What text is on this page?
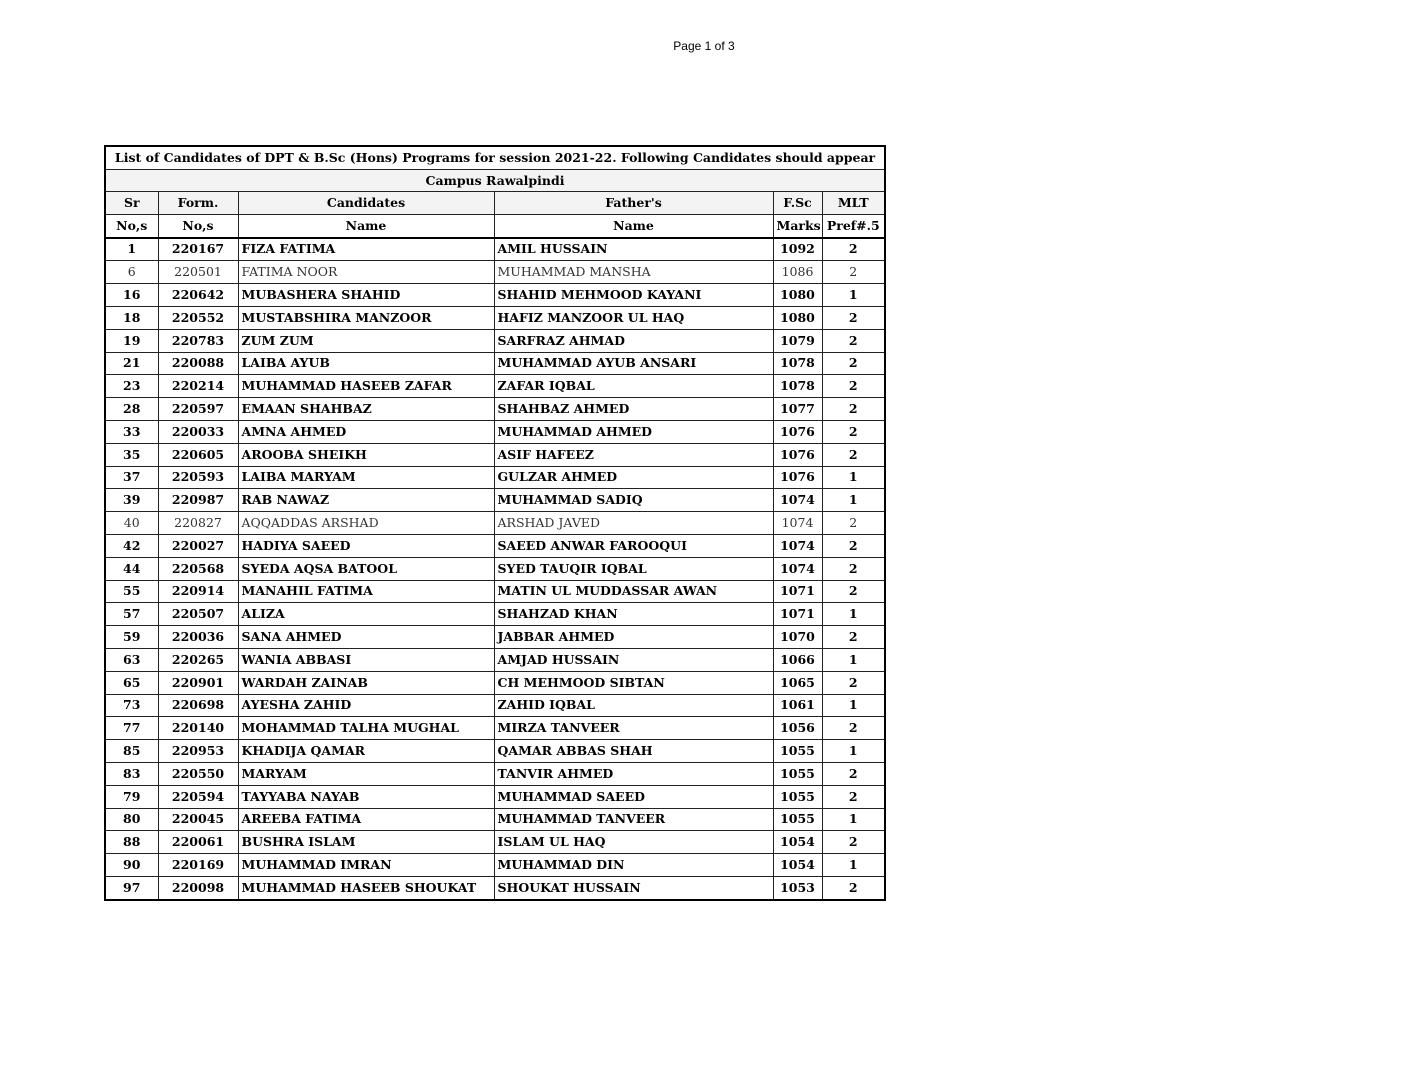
Page 1 of 3
List of Candidates of DPT & B.Sc (Hons) Programs for session 2021-22. Following Candidates should appear					
Campus Rawalpindi					
Sr	Form.	Candidates	Father's	F.Sc	MLT
No,s	No,s	Name	Name	Marks	Pref#.5
1	220167	FIZA FATIMA	AMIL HUSSAIN	1092	2
6	220501	FATIMA NOOR	MUHAMMAD MANSHA	1086	2
16	220642	MUBASHERA SHAHID	SHAHID MEHMOOD KAYANI	1080	1
18	220552	MUSTABSHIRA MANZOOR	HAFIZ MANZOOR UL HAQ	1080	2
19	220783	ZUM ZUM	SARFRAZ AHMAD	1079	2
21	220088	LAIBA AYUB	MUHAMMAD AYUB ANSARI	1078	2
23	220214	MUHAMMAD HASEEB ZAFAR	ZAFAR IQBAL	1078	2
28	220597	EMAAN SHAHBAZ	SHAHBAZ AHMED	1077	2
33	220033	AMNA AHMED	MUHAMMAD AHMED	1076	2
35	220605	AROOBA SHEIKH	ASIF HAFEEZ	1076	2
37	220593	LAIBA MARYAM	GULZAR AHMED	1076	1
39	220987	RAB NAWAZ	MUHAMMAD SADIQ	1074	1
40	220827	AQQADDAS ARSHAD	ARSHAD JAVED	1074	2
42	220027	HADIYA SAEED	SAEED ANWAR FAROOQUI	1074	2
44	220568	SYEDA AQSA BATOOL	SYED TAUQIR IQBAL	1074	2
55	220914	MANAHIL FATIMA	MATIN UL MUDDASSAR AWAN	1071	2
57	220507	ALIZA	SHAHZAD KHAN	1071	1
59	220036	SANA AHMED	JABBAR AHMED	1070	2
63	220265	WANIA ABBASI	AMJAD HUSSAIN	1066	1
65	220901	WARDAH ZAINAB	CH MEHMOOD SIBTAN	1065	2
73	220698	AYESHA ZAHID	ZAHID IQBAL	1061	1
77	220140	MOHAMMAD TALHA MUGHAL	MIRZA TANVEER	1056	2
85	220953	KHADIJA QAMAR	QAMAR ABBAS SHAH	1055	1
83	220550	MARYAM	TANVIR AHMED	1055	2
79	220594	TAYYABA NAYAB	MUHAMMAD SAEED	1055	2
80	220045	AREEBA FATIMA	MUHAMMAD TANVEER	1055	1
88	220061	BUSHRA ISLAM	ISLAM UL HAQ	1054	2
90	220169	MUHAMMAD IMRAN	MUHAMMAD DIN	1054	1
97	220098	MUHAMMAD HASEEB SHOUKAT	SHOUKAT HUSSAIN	1053	2
